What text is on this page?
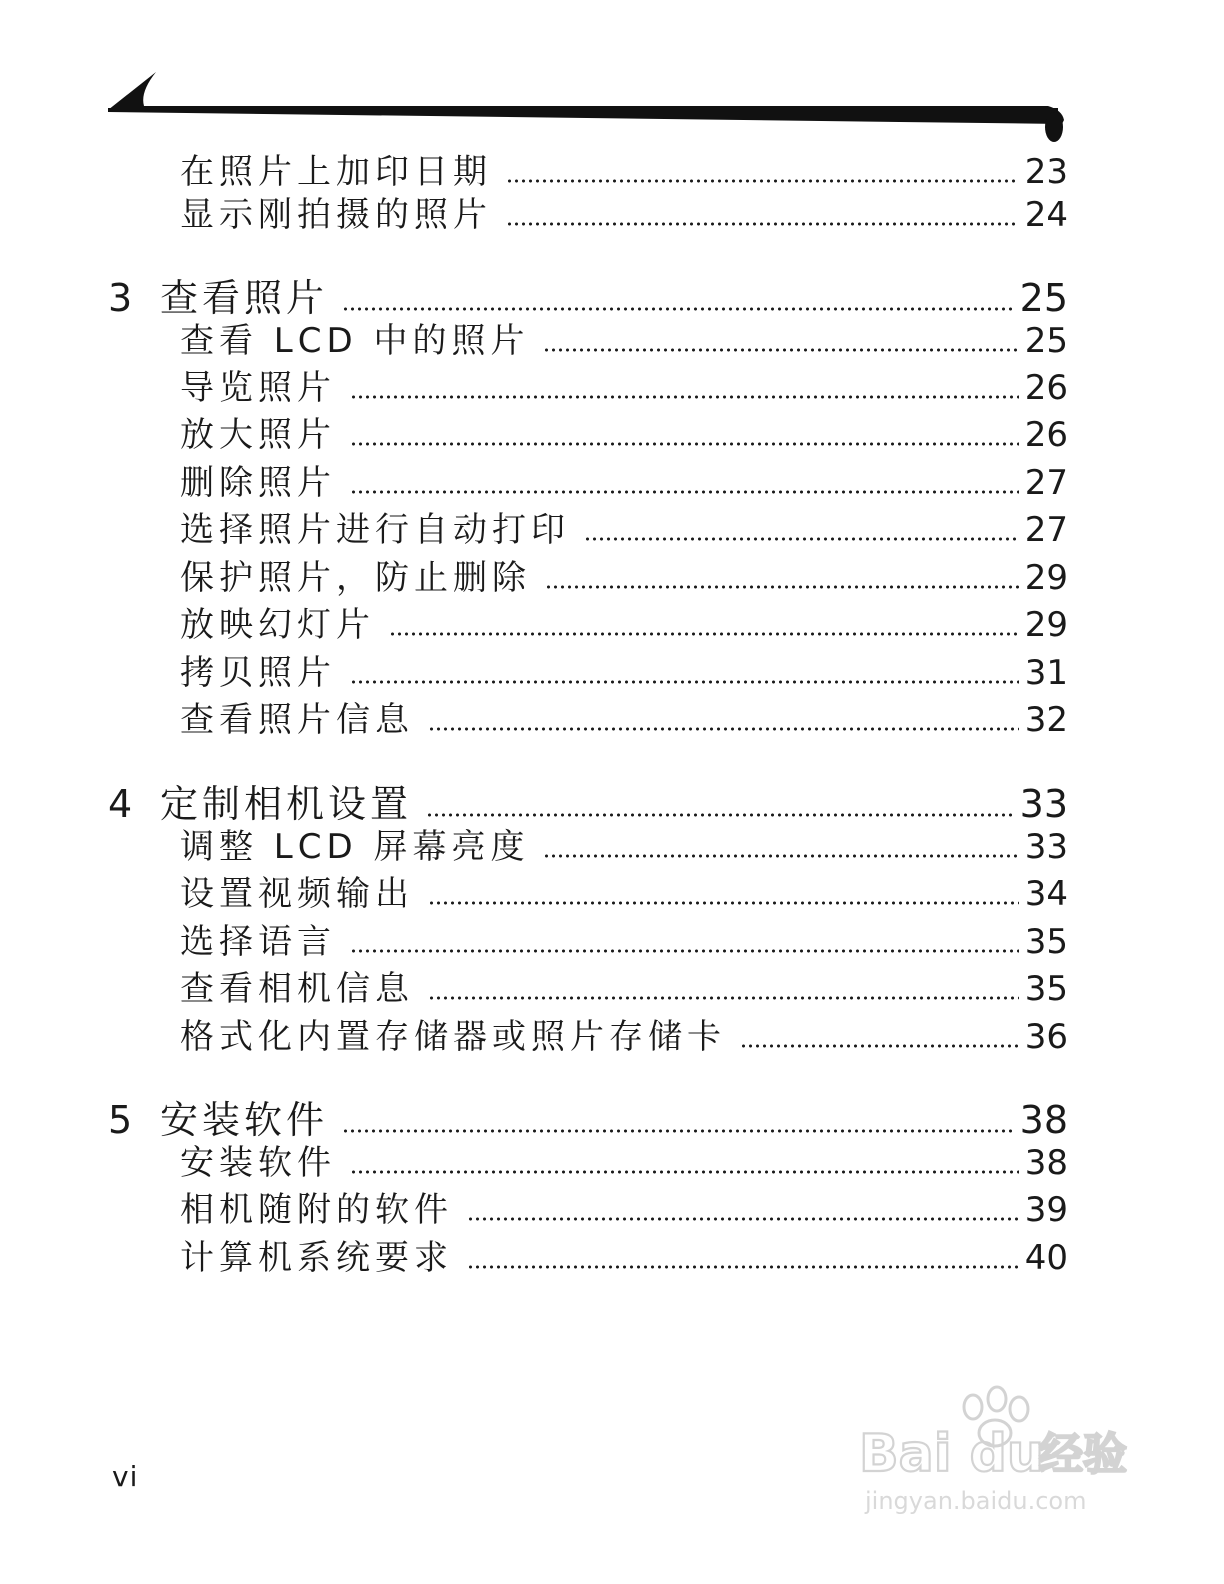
在照片上加印日期	23
显示刚拍摄的照片	24
3 查看照片	25
查看 LCD 中的照片	25
导览照片	26
放大照片	26
删除照片	27
选择照片进行自动打印	27
保护照片，防止删除	29
放映幻灯片	29
拷贝照片	31
查看照片信息	32
4 定制相机设置	33
调整 LCD 屏幕亮度	33
设置视频输出	34
选择语言	35
查看相机信息	35
格式化内置存储器或照片存储卡	36
5 安装软件	38
安装软件	38
相机随附的软件	39
计算机系统要求	40
vi	Bai du
经验
jingyan.baidu.com
